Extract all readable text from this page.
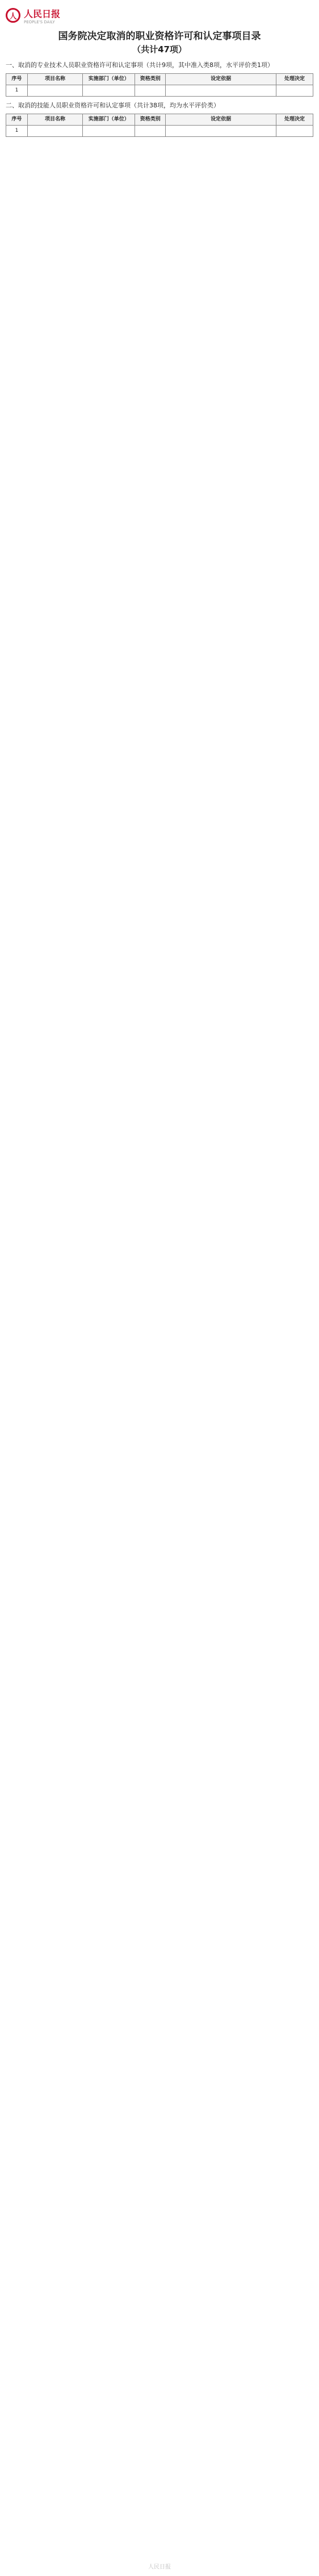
人 人民日报
PEOPLE'S DAILY
国务院决定取消的职业资格许可和认定事项目录
（共计47项）
一、取消的专业技术人员职业资格许可和认定事项（共计9项，其中准入类8项，水平评价类1项）
序号	项目名称	实施部门（单位）	资格类别	设定依据	处理决定
1					
二、取消的技能人员职业资格许可和认定事项（共计38项，均为水平评价类）
序号	项目名称	实施部门（单位）	资格类别	设定依据	处理决定
1					
人民日报
